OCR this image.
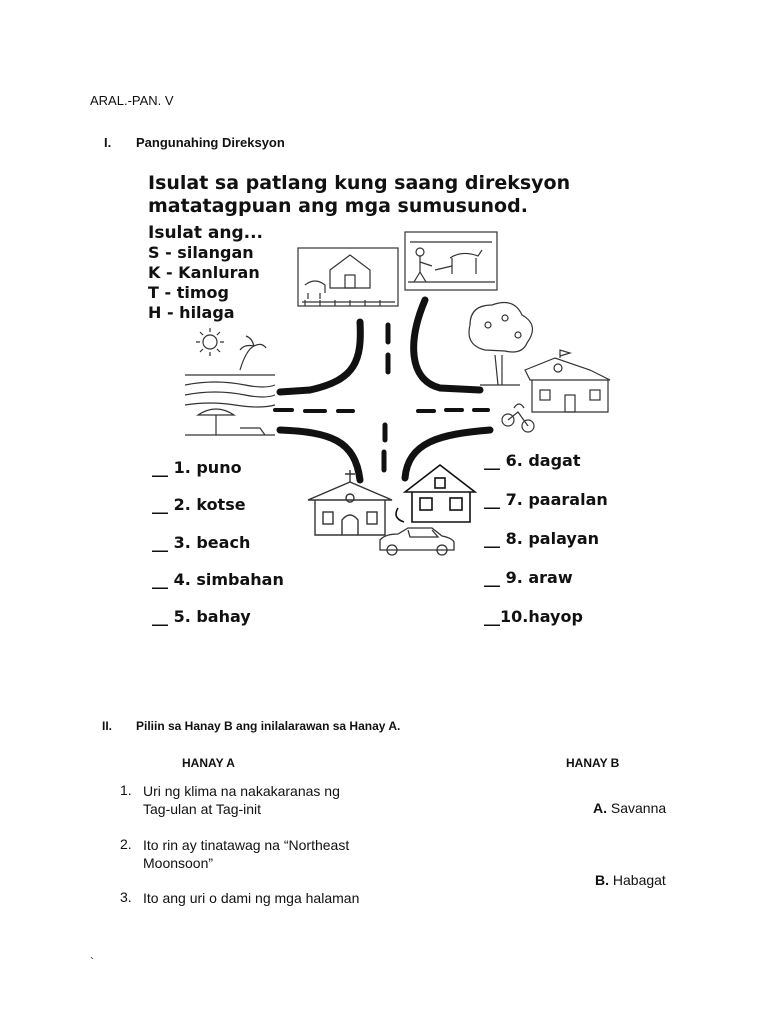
ARAL.-PAN. V
I. Pangunahing Direksyon
Isulat sa patlang kung saang direksyon
matatagpuan ang mga sumusunod.
Isulat ang...
S - silangan
K - Kanluran
T - timog
H - hilaga
__ 1. puno
__ 2. kotse
__ 3. beach
__ 4. simbahan
__ 5. bahay
__ 6. dagat
__ 7. paaralan
__ 8. palayan
__ 9. araw
__10.hayop
II. Piliin sa Hanay B ang inilalarawan sa Hanay A.
HANAY A	HANAY B
1. Uri ng klima na nakakaranas ng
Tag-ulan at Tag-init
2. Ito rin ay tinatawag na “Northeast
Moonsoon”
3. Ito ang uri o dami ng mga halaman
A. Savanna
B. Habagat
`
